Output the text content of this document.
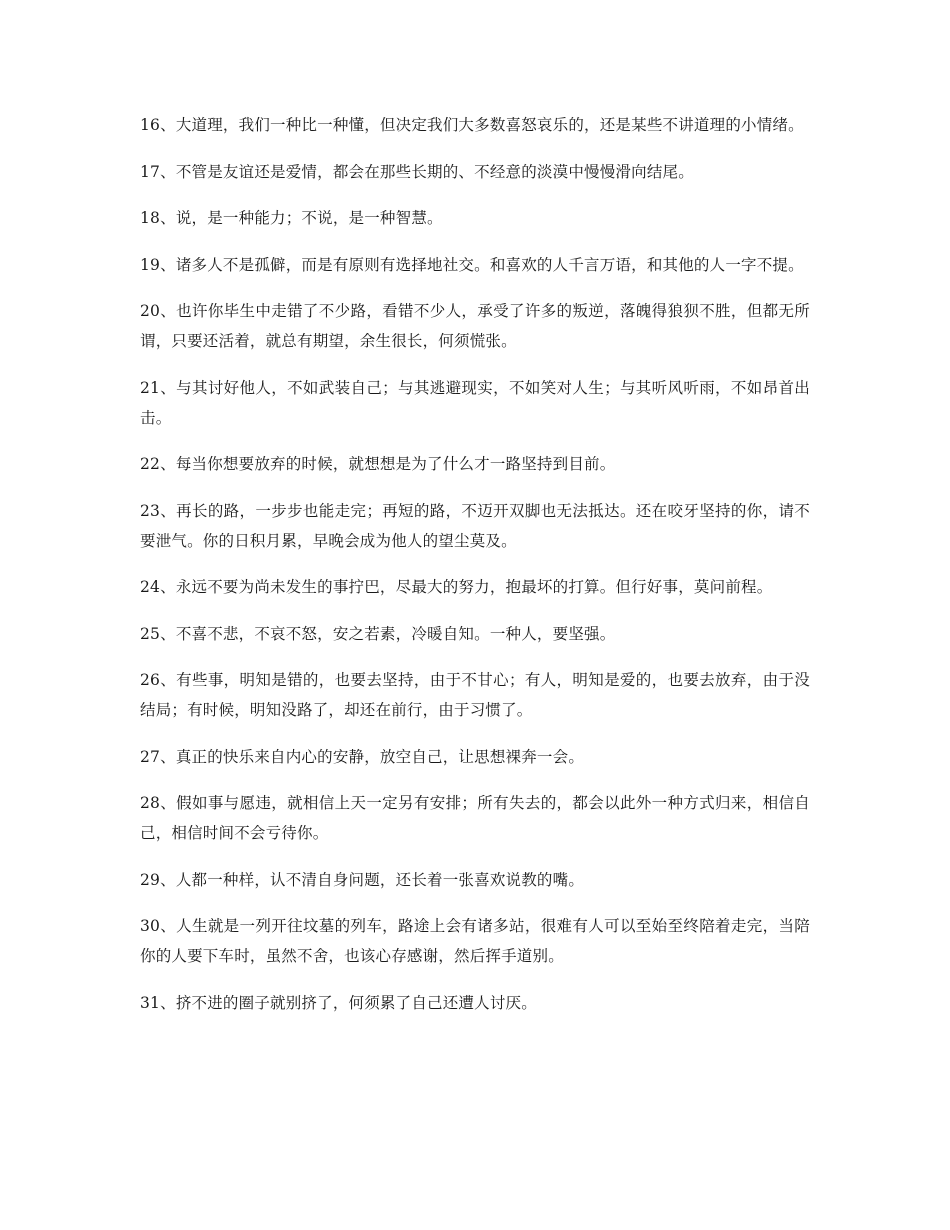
16、大道理，我们一种比一种懂，但决定我们大多数喜怒哀乐的，还是某些不讲道理的小情绪。

17、不管是友谊还是爱情，都会在那些长期的、不经意的淡漠中慢慢滑向结尾。

18、说，是一种能力；不说，是一种智慧。

19、诸多人不是孤僻，而是有原则有选择地社交。和喜欢的人千言万语，和其他的人一字不提。

20、也许你毕生中走错了不少路，看错不少人，承受了许多的叛逆，落魄得狼狈不胜，但都无所谓，只要还活着，就总有期望，余生很长，何须慌张。

21、与其讨好他人，不如武装自己；与其逃避现实，不如笑对人生；与其听风听雨，不如昂首出击。

22、每当你想要放弃的时候，就想想是为了什么才一路坚持到目前。

23、再长的路，一步步也能走完；再短的路，不迈开双脚也无法抵达。还在咬牙坚持的你，请不要泄气。你的日积月累，早晚会成为他人的望尘莫及。

24、永远不要为尚未发生的事拧巴，尽最大的努力，抱最坏的打算。但行好事，莫问前程。

25、不喜不悲，不哀不怒，安之若素，冷暖自知。一种人，要坚强。

26、有些事，明知是错的，也要去坚持，由于不甘心；有人，明知是爱的，也要去放弃，由于没结局；有时候，明知没路了，却还在前行，由于习惯了。

27、真正的快乐来自内心的安静，放空自己，让思想裸奔一会。

28、假如事与愿违，就相信上天一定另有安排；所有失去的，都会以此外一种方式归来，相信自己，相信时间不会亏待你。

29、人都一种样，认不清自身问题，还长着一张喜欢说教的嘴。

30、人生就是一列开往坟墓的列车，路途上会有诸多站，很难有人可以至始至终陪着走完，当陪你的人要下车时，虽然不舍，也该心存感谢，然后挥手道别。

31、挤不进的圈子就别挤了，何须累了自己还遭人讨厌。
